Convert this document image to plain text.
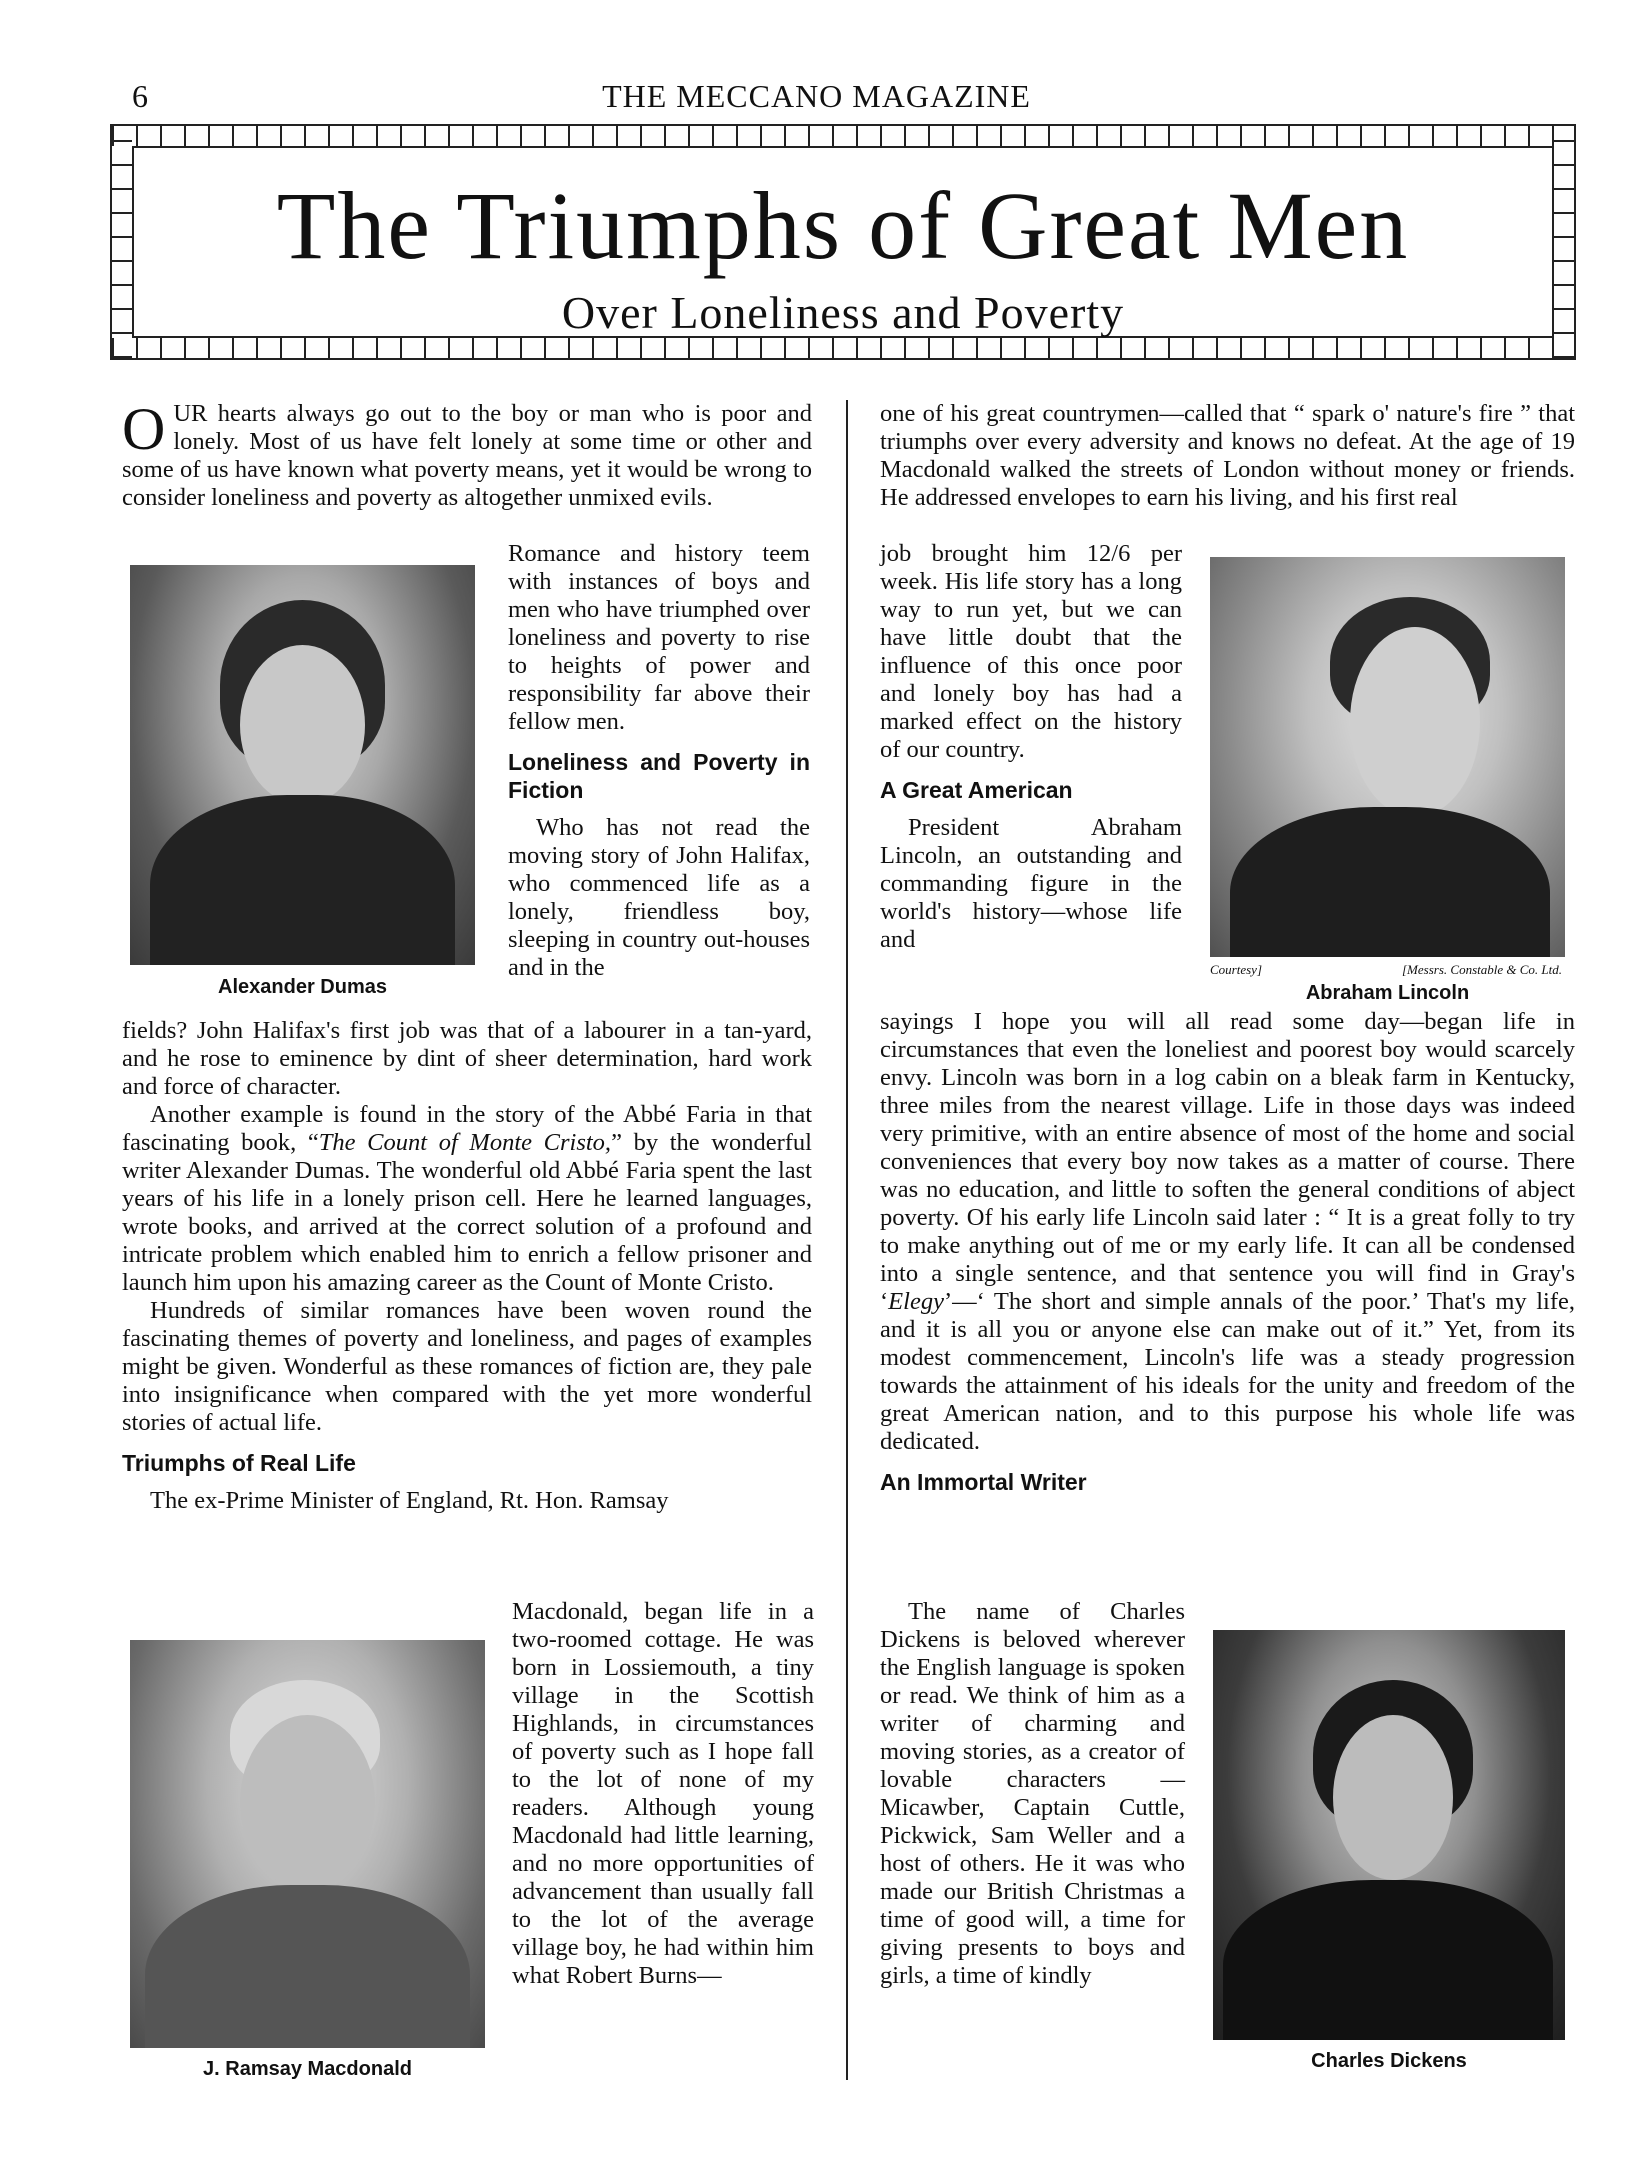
6	THE MECCANO MAGAZINE
The Triumphs of Great Men
Over Loneliness and Poverty

O UR hearts always go out to the boy or man who is poor and lonely. Most of us have felt lonely at some time or other and some of us have known what poverty means, yet it would be wrong to consider loneliness and poverty as altogether unmixed evils.

Alexander Dumas

Romance and history teem with instances of boys and men who have triumphed over loneliness and poverty to rise to heights of power and responsibility far above their fellow men.

Loneliness and Poverty in Fiction

Who has not read the moving story of John Halifax, who commenced life as a lonely, friendless boy, sleeping in country out-houses and in the

fields? John Halifax's first job was that of a labourer in a tan-yard, and he rose to eminence by dint of sheer determination, hard work and force of character.

Another example is found in the story of the Abbé Faria in that fascinating book, “The Count of Monte Cristo,” by the wonderful writer Alexander Dumas. The wonderful old Abbé Faria spent the last years of his life in a lonely prison cell. Here he learned languages, wrote books, and arrived at the correct solution of a profound and intricate problem which enabled him to enrich a fellow prisoner and launch him upon his amazing career as the Count of Monte Cristo.

Hundreds of similar romances have been woven round the fascinating themes of poverty and loneliness, and pages of examples might be given. Wonderful as these romances of fiction are, they pale into insignificance when compared with the yet more wonderful stories of actual life.

Triumphs of Real Life

The ex-Prime Minister of England, Rt. Hon. Ramsay

J. Ramsay Macdonald

Macdonald, began life in a two-roomed cottage. He was born in Lossiemouth, a tiny village in the Scottish Highlands, in circumstances of poverty such as I hope fall to the lot of none of my readers. Although young Macdonald had little learning, and no more opportunities of advancement than usually fall to the lot of the average village boy, he had within him what Robert Burns—

one of his great countrymen—called that “ spark o' nature's fire ” that triumphs over every adversity and knows no defeat. At the age of 19 Macdonald walked the streets of London without money or friends. He addressed envelopes to earn his living, and his first real

job brought him 12/6 per week. His life story has a long way to run yet, but we can have little doubt that the influence of this once poor and lonely boy has had a marked effect on the history of our country.

A Great American

President Abraham Lincoln, an outstanding and commanding figure in the world's history—whose life and

Courtesy]	[Messrs. Constable & Co. Ltd.
Abraham Lincoln

sayings I hope you will all read some day—began life in circumstances that even the loneliest and poorest boy would scarcely envy. Lincoln was born in a log cabin on a bleak farm in Kentucky, three miles from the nearest village. Life in those days was indeed very primitive, with an entire absence of most of the home and social conveniences that every boy now takes as a matter of course. There was no education, and little to soften the general conditions of abject poverty. Of his early life Lincoln said later : “ It is a great folly to try to make anything out of me or my early life. It can all be condensed into a single sentence, and that sentence you will find in Gray's ‘Elegy’—‘ The short and simple annals of the poor.’ That's my life, and it is all you or anyone else can make out of it.” Yet, from its modest commencement, Lincoln's life was a steady progression towards the attainment of his ideals for the unity and freedom of the great American nation, and to this purpose his whole life was dedicated.

An Immortal Writer

The name of Charles Dickens is beloved wherever the English language is spoken or read. We think of him as a writer of charming and moving stories, as a creator of lovable characters — Micawber, Captain Cuttle, Pickwick, Sam Weller and a host of others. He it was who made our British Christmas a time of good will, a time for giving presents to boys and girls, a time of kindly

Charles Dickens
